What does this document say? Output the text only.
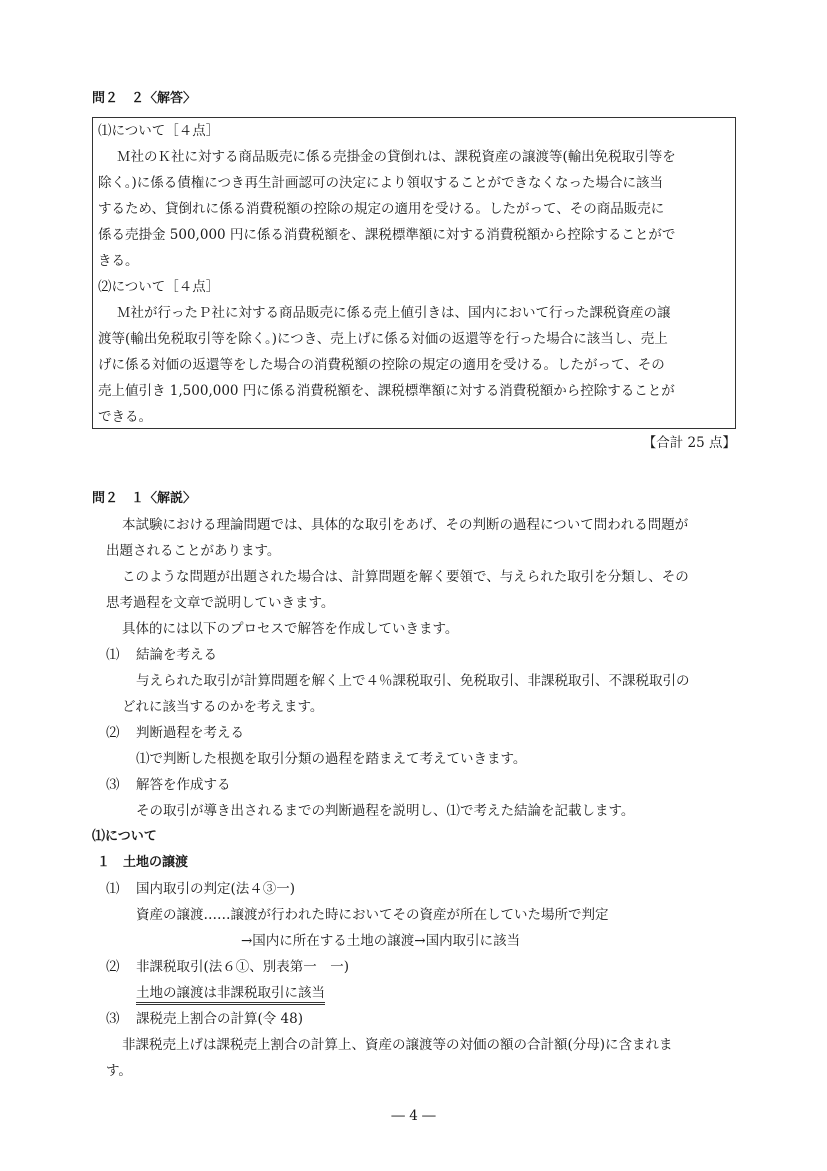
問２　２〈解答〉
⑴について［４点］
Ｍ社のＫ社に対する商品販売に係る売掛金の貸倒れは、課税資産の譲渡等(輸出免税取引等を
除く。)に係る債権につき再生計画認可の決定により領収することができなくなった場合に該当
するため、貸倒れに係る消費税額の控除の規定の適用を受ける。したがって、その商品販売に
係る売掛金 500,000 円に係る消費税額を、課税標準額に対する消費税額から控除することがで
きる。
⑵について［４点］
Ｍ社が行ったＰ社に対する商品販売に係る売上値引きは、国内において行った課税資産の譲
渡等(輸出免税取引等を除く。)につき、売上げに係る対価の返還等を行った場合に該当し、売上
げに係る対価の返還等をした場合の消費税額の控除の規定の適用を受ける。したがって、その
売上値引き 1,500,000 円に係る消費税額を、課税標準額に対する消費税額から控除することが
できる。
【合計 25 点】
問２　１〈解説〉
本試験における理論問題では、具体的な取引をあげ、その判断の過程について問われる問題が
出題されることがあります。
このような問題が出題された場合は、計算問題を解く要領で、与えられた取引を分類し、その
思考過程を文章で説明していきます。
具体的には以下のプロセスで解答を作成していきます。
⑴ 結論を考える
与えられた取引が計算問題を解く上で４％課税取引、免税取引、非課税取引、不課税取引の
どれに該当するのかを考えます。
⑵ 判断過程を考える
⑴で判断した根拠を取引分類の過程を踏まえて考えていきます。
⑶ 解答を作成する
その取引が導き出されるまでの判断過程を説明し、⑴で考えた結論を記載します。
⑴について
１　土地の譲渡
⑴ 国内取引の判定(法４③一)
資産の譲渡……譲渡が行われた時においてその資産が所在していた場所で判定
→国内に所在する土地の譲渡→国内取引に該当
⑵ 非課税取引(法６①、別表第一　一)
土地の譲渡は非課税取引に該当
⑶ 課税売上割合の計算(令 48)
非課税売上げは課税売上割合の計算上、資産の譲渡等の対価の額の合計額(分母)に含まれま
す。
― 4 ―
